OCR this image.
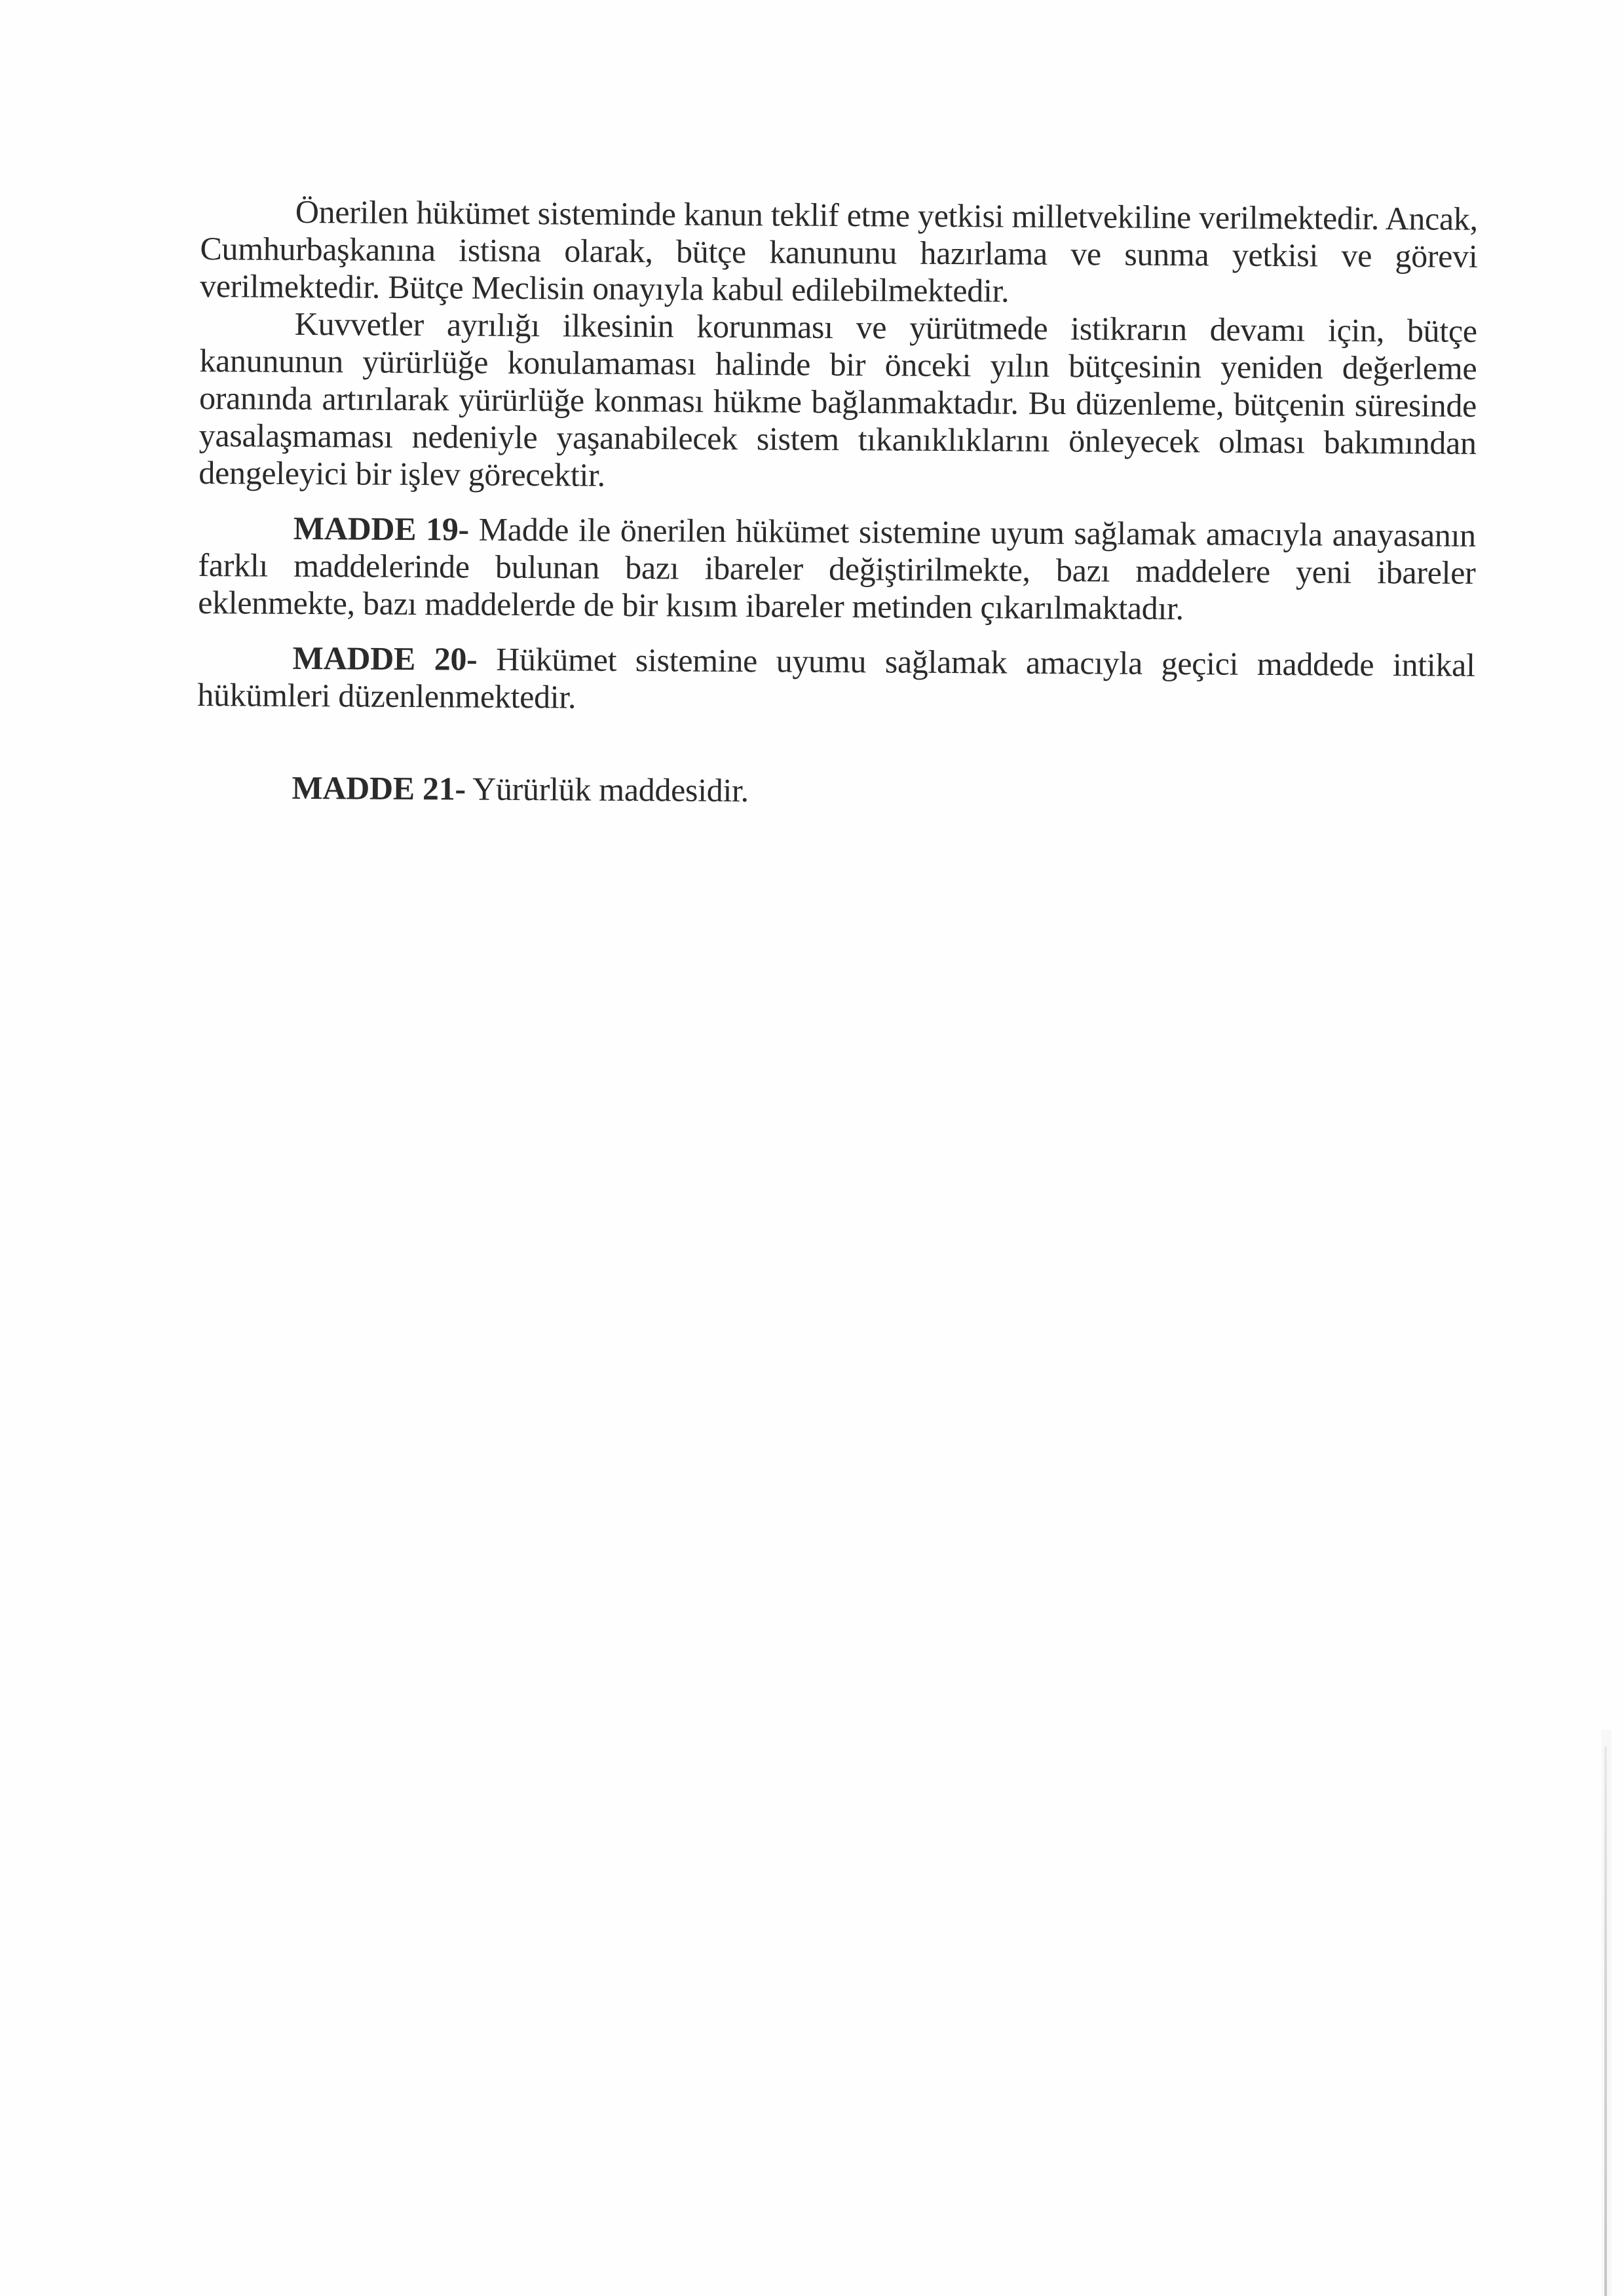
Önerilen hükümet sisteminde kanun teklif etme yetkisi milletvekiline verilmektedir. Ancak, Cumhurbaşkanına istisna olarak, bütçe kanununu hazırlama ve sunma yetkisi ve görevi verilmektedir. Bütçe Meclisin onayıyla kabul edilebilmektedir.

Kuvvetler ayrılığı ilkesinin korunması ve yürütmede istikrarın devamı için, bütçe kanununun yürürlüğe konulamaması halinde bir önceki yılın bütçesinin yeniden değerleme oranında artırılarak yürürlüğe konması hükme bağlanmaktadır. Bu düzenleme, bütçenin süresinde yasalaşmaması nedeniyle yaşanabilecek sistem tıkanıklıklarını önleyecek olması bakımından dengeleyici bir işlev görecektir.

MADDE 19- Madde ile önerilen hükümet sistemine uyum sağlamak amacıyla anayasanın farklı maddelerinde bulunan bazı ibareler değiştirilmekte, bazı maddelere yeni ibareler eklenmekte, bazı maddelerde de bir kısım ibareler metinden çıkarılmaktadır.

MADDE 20- Hükümet sistemine uyumu sağlamak amacıyla geçici maddede intikal hükümleri düzenlenmektedir.

MADDE 21- Yürürlük maddesidir.
